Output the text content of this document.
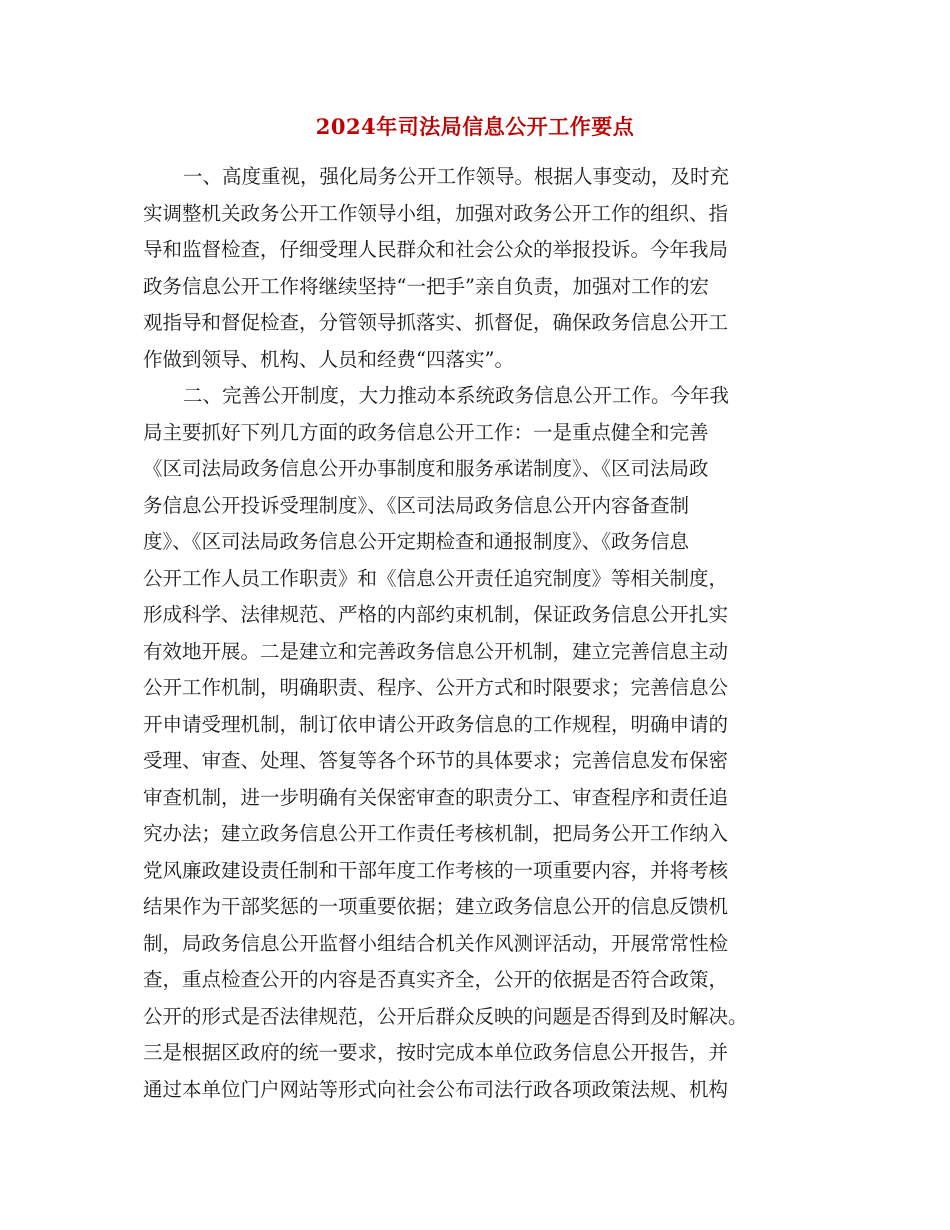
2024年司法局信息公开工作要点
一、高度重视，强化局务公开工作领导。根据人事变动，及时充
实调整机关政务公开工作领导小组，加强对政务公开工作的组织、指
导和监督检查，仔细受理人民群众和社会公众的举报投诉。今年我局
政务信息公开工作将继续坚持“一把手”亲自负责，加强对工作的宏
观指导和督促检查，分管领导抓落实、抓督促，确保政务信息公开工
作做到领导、机构、人员和经费“四落实”。
二、完善公开制度，大力推动本系统政务信息公开工作。今年我
局主要抓好下列几方面的政务信息公开工作：一是重点健全和完善
《区司法局政务信息公开办事制度和服务承诺制度》、《区司法局政
务信息公开投诉受理制度》、《区司法局政务信息公开内容备查制
度》、《区司法局政务信息公开定期检查和通报制度》、《政务信息
公开工作人员工作职责》和《信息公开责任追究制度》等相关制度，
形成科学、法律规范、严格的内部约束机制，保证政务信息公开扎实
有效地开展。二是建立和完善政务信息公开机制，建立完善信息主动
公开工作机制，明确职责、程序、公开方式和时限要求；完善信息公
开申请受理机制，制订依申请公开政务信息的工作规程，明确申请的
受理、审查、处理、答复等各个环节的具体要求；完善信息发布保密
审查机制，进一步明确有关保密审查的职责分工、审查程序和责任追
究办法；建立政务信息公开工作责任考核机制，把局务公开工作纳入
党风廉政建设责任制和干部年度工作考核的一项重要内容，并将考核
结果作为干部奖惩的一项重要依据；建立政务信息公开的信息反馈机
制，局政务信息公开监督小组结合机关作风测评活动，开展常常性检
查，重点检查公开的内容是否真实齐全，公开的依据是否符合政策，
公开的形式是否法律规范，公开后群众反映的问题是否得到及时解决。
三是根据区政府的统一要求，按时完成本单位政务信息公开报告，并
通过本单位门户网站等形式向社会公布司法行政各项政策法规、机构
